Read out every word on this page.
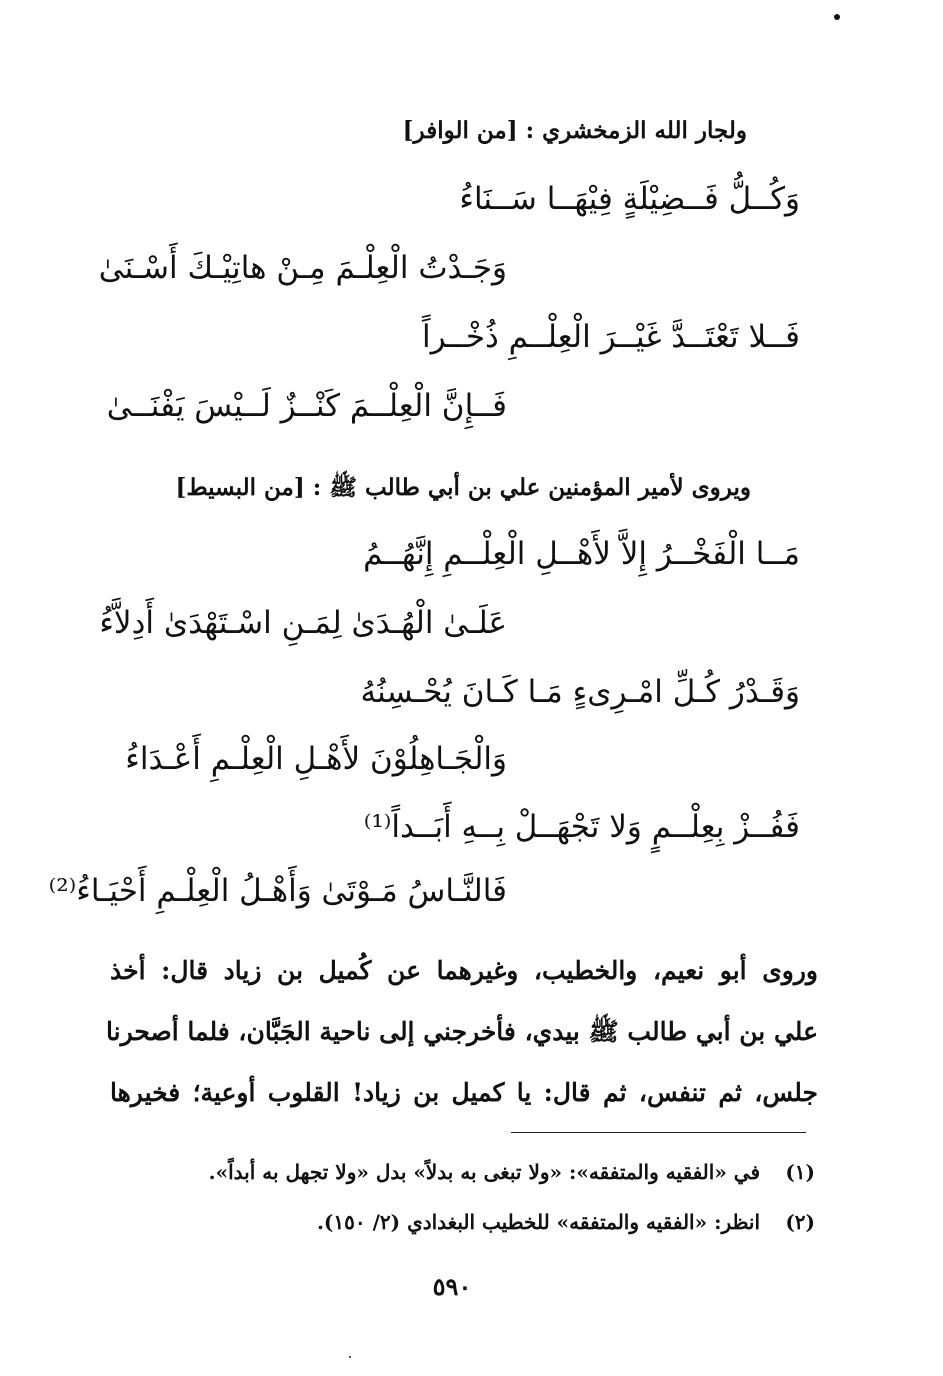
ولجار الله الزمخشري : [من الوافر]
وَكُــلُّ فَــضِيْلَةٍ فِيْهَــا سَــنَاءُ
وَجَـدْتُ الْعِلْـمَ مِـنْ هاتِيْـكَ أَسْـنَىٰ
فَــلا تَعْتَــدَّ غَيْــرَ الْعِلْــمِ ذُخْــراً
فَــإِنَّ الْعِلْــمَ كَنْــزٌ لَــيْسَ يَفْنَــىٰ
ويروى لأمير المؤمنين علي بن أبي طالب ﷺ : [من البسيط]
مَــا الْفَخْــرُ إِلاَّ لأَهْــلِ الْعِلْــمِ إِنَّهُــمُ
عَلَـىٰ الْهُـدَىٰ لِمَـنِ اسْـتَهْدَىٰ أَدِلاَّءُ
وَقَـدْرُ كُـلِّ امْـرِىءٍ مَـا كَـانَ يُحْـسِنُهُ
وَالْجَـاهِلُوْنَ لأَهْـلِ الْعِلْـمِ أَعْـدَاءُ
فَفُــزْ بِعِلْــمٍ وَلا تَجْهَــلْ بِــهِ أَبَــداً⁽¹⁾
فَالنَّـاسُ مَـوْتَىٰ وَأَهْـلُ الْعِلْـمِ أَحْيَـاءُ⁽²⁾
وروى أبو نعيم، والخطيب، وغيرهما عن كُميل بن زياد قال: أخذ
علي بن أبي طالب ﷺ بيدي، فأخرجني إلى ناحية الجَبَّان، فلما أصحرنا
جلس، ثم تنفس، ثم قال: يا كميل بن زياد! القلوب أوعية؛ فخيرها
(١) في «الفقيه والمتفقه»: «ولا تبغى به بدلاً» بدل «ولا تجهل به أبداً».
(٢) انظر: «الفقيه والمتفقه» للخطيب البغدادي (٢/ ١٥٠).
٥٩٠
